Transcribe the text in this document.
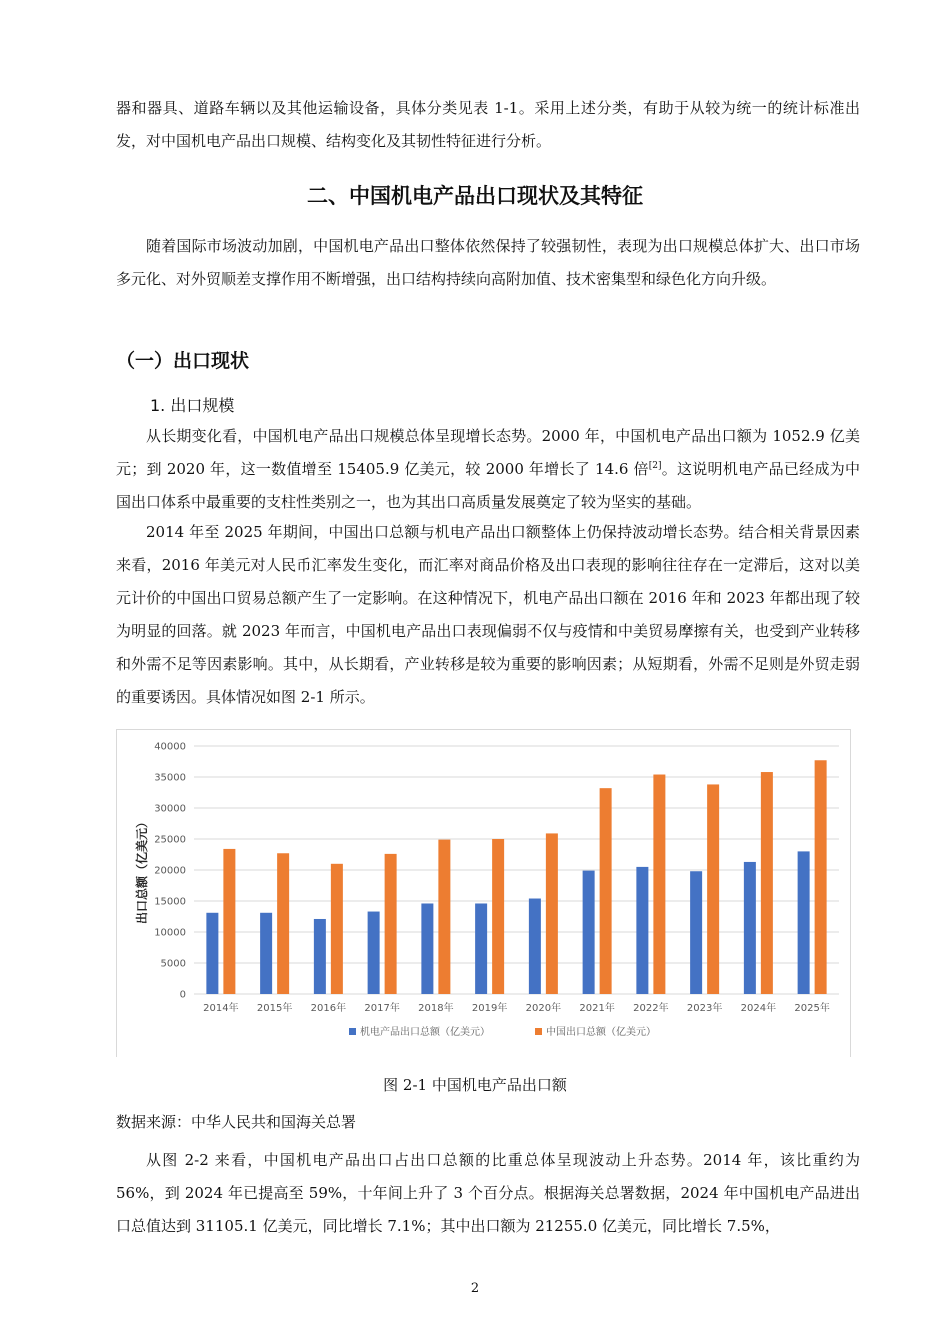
器和器具、道路车辆以及其他运输设备，具体分类见表 1-1。采用上述分类，有助于从较为统一的统计标准出发，对中国机电产品出口规模、结构变化及其韧性特征进行分析。
二、中国机电产品出口现状及其特征
随着国际市场波动加剧，中国机电产品出口整体依然保持了较强韧性，表现为出口规模总体扩大、出口市场多元化、对外贸顺差支撑作用不断增强，出口结构持续向高附加值、技术密集型和绿色化方向升级。
（一）出口现状
1. 出口规模
从长期变化看，中国机电产品出口规模总体呈现增长态势。2000 年，中国机电产品出口额为 1052.9 亿美元；到 2020 年，这一数值增至 15405.9 亿美元，较 2000 年增长了 14.6 倍[2]。这说明机电产品已经成为中国出口体系中最重要的支柱性类别之一，也为其出口高质量发展奠定了较为坚实的基础。
2014 年至 2025 年期间，中国出口总额与机电产品出口额整体上仍保持波动增长态势。结合相关背景因素来看，2016 年美元对人民币汇率发生变化，而汇率对商品价格及出口表现的影响往往存在一定滞后，这对以美元计价的中国出口贸易总额产生了一定影响。在这种情况下，机电产品出口额在 2016 年和 2023 年都出现了较为明显的回落。就 2023 年而言，中国机电产品出口表现偏弱不仅与疫情和中美贸易摩擦有关，也受到产业转移和外需不足等因素影响。其中，从长期看，产业转移是较为重要的影响因素；从短期看，外需不足则是外贸走弱的重要诱因。具体情况如图 2-1 所示。
0
5000
10000
15000
20000
25000
30000
35000
40000
出口总额（亿美元）
2014年 2015年 2016年 2017年 2018年 2019年 2020年 2021年 2022年 2023年 2024年 2025年
机电产品出口总额（亿美元）	中国出口总额（亿美元）
图 2-1 中国机电产品出口额
数据来源：中华人民共和国海关总署
从图 2-2 来看，中国机电产品出口占出口总额的比重总体呈现波动上升态势。2014 年，该比重约为 56%，到 2024 年已提高至 59%，十年间上升了 3 个百分点。根据海关总署数据，2024 年中国机电产品进出口总值达到 31105.1 亿美元，同比增长 7.1%；其中出口额为 21255.0 亿美元，同比增长 7.5%，
2
